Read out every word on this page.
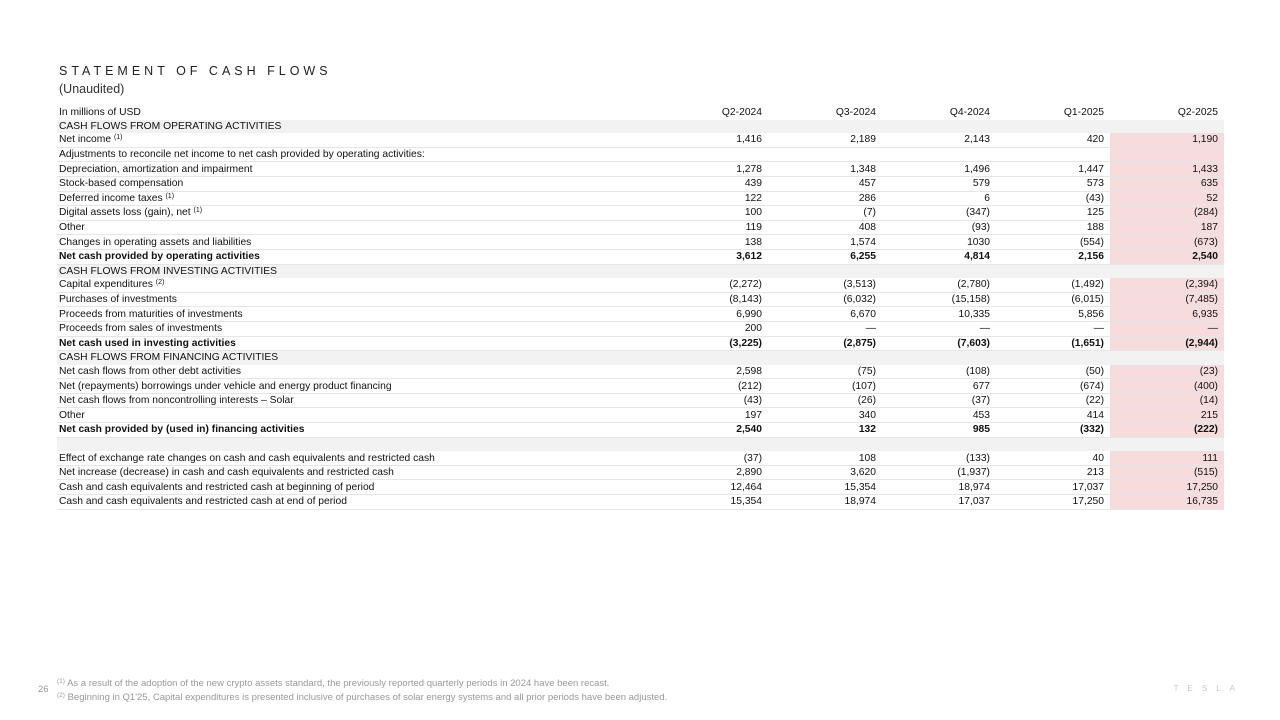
STATEMENT OF CASH FLOWS
(Unaudited)
In millions of USD	Q2-2024	Q3-2024	Q4-2024	Q1-2025	Q2-2025
CASH FLOWS FROM OPERATING ACTIVITIES					
Net income $^{(1)}$	1,416	2,189	2,143	420	1,190
Adjustments to reconcile net income to net cash provided by operating activities:					
Depreciation, amortization and impairment	1,278	1,348	1,496	1,447	1,433
Stock-based compensation	439	457	579	573	635
Deferred income taxes $^{(1)}$	122	286	6	(43)	52
Digital assets loss (gain), net $^{(1)}$	100	(7)	(347)	125	(284)
Other	119	408	(93)	188	187
Changes in operating assets and liabilities	138	1,574	1030	(554)	(673)
Net cash provided by operating activities	3,612	6,255	4,814	2,156	2,540
CASH FLOWS FROM INVESTING ACTIVITIES					
Capital expenditures $^{(2)}$	(2,272)	(3,513)	(2,780)	(1,492)	(2,394)
Purchases of investments	(8,143)	(6,032)	(15,158)	(6,015)	(7,485)
Proceeds from maturities of investments	6,990	6,670	10,335	5,856	6,935
Proceeds from sales of investments	200	—	—	—	—
Net cash used in investing activities	(3,225)	(2,875)	(7,603)	(1,651)	(2,944)
CASH FLOWS FROM FINANCING ACTIVITIES					
Net cash flows from other debt activities	2,598	(75)	(108)	(50)	(23)
Net (repayments) borrowings under vehicle and energy product financing	(212)	(107)	677	(674)	(400)
Net cash flows from noncontrolling interests – Solar	(43)	(26)	(37)	(22)	(14)
Other	197	340	453	414	215
Net cash provided by (used in) financing activities	2,540	132	985	(332)	(222)

Effect of exchange rate changes on cash and cash equivalents and restricted cash	(37)	108	(133)	40	111
Net increase (decrease) in cash and cash equivalents and restricted cash	2,890	3,620	(1,937)	213	(515)
Cash and cash equivalents and restricted cash at beginning of period	12,464	15,354	18,974	17,037	17,250
Cash and cash equivalents and restricted cash at end of period	15,354	18,974	17,037	17,250	16,735
26
$^{(1)}$ As a result of the adoption of the new crypto assets standard, the previously reported quarterly periods in 2024 have been recast.
$^{(2)}$ Beginning in Q1'25, Capital expenditures is presented inclusive of purchases of solar energy systems and all prior periods have been adjusted.
TESLA
